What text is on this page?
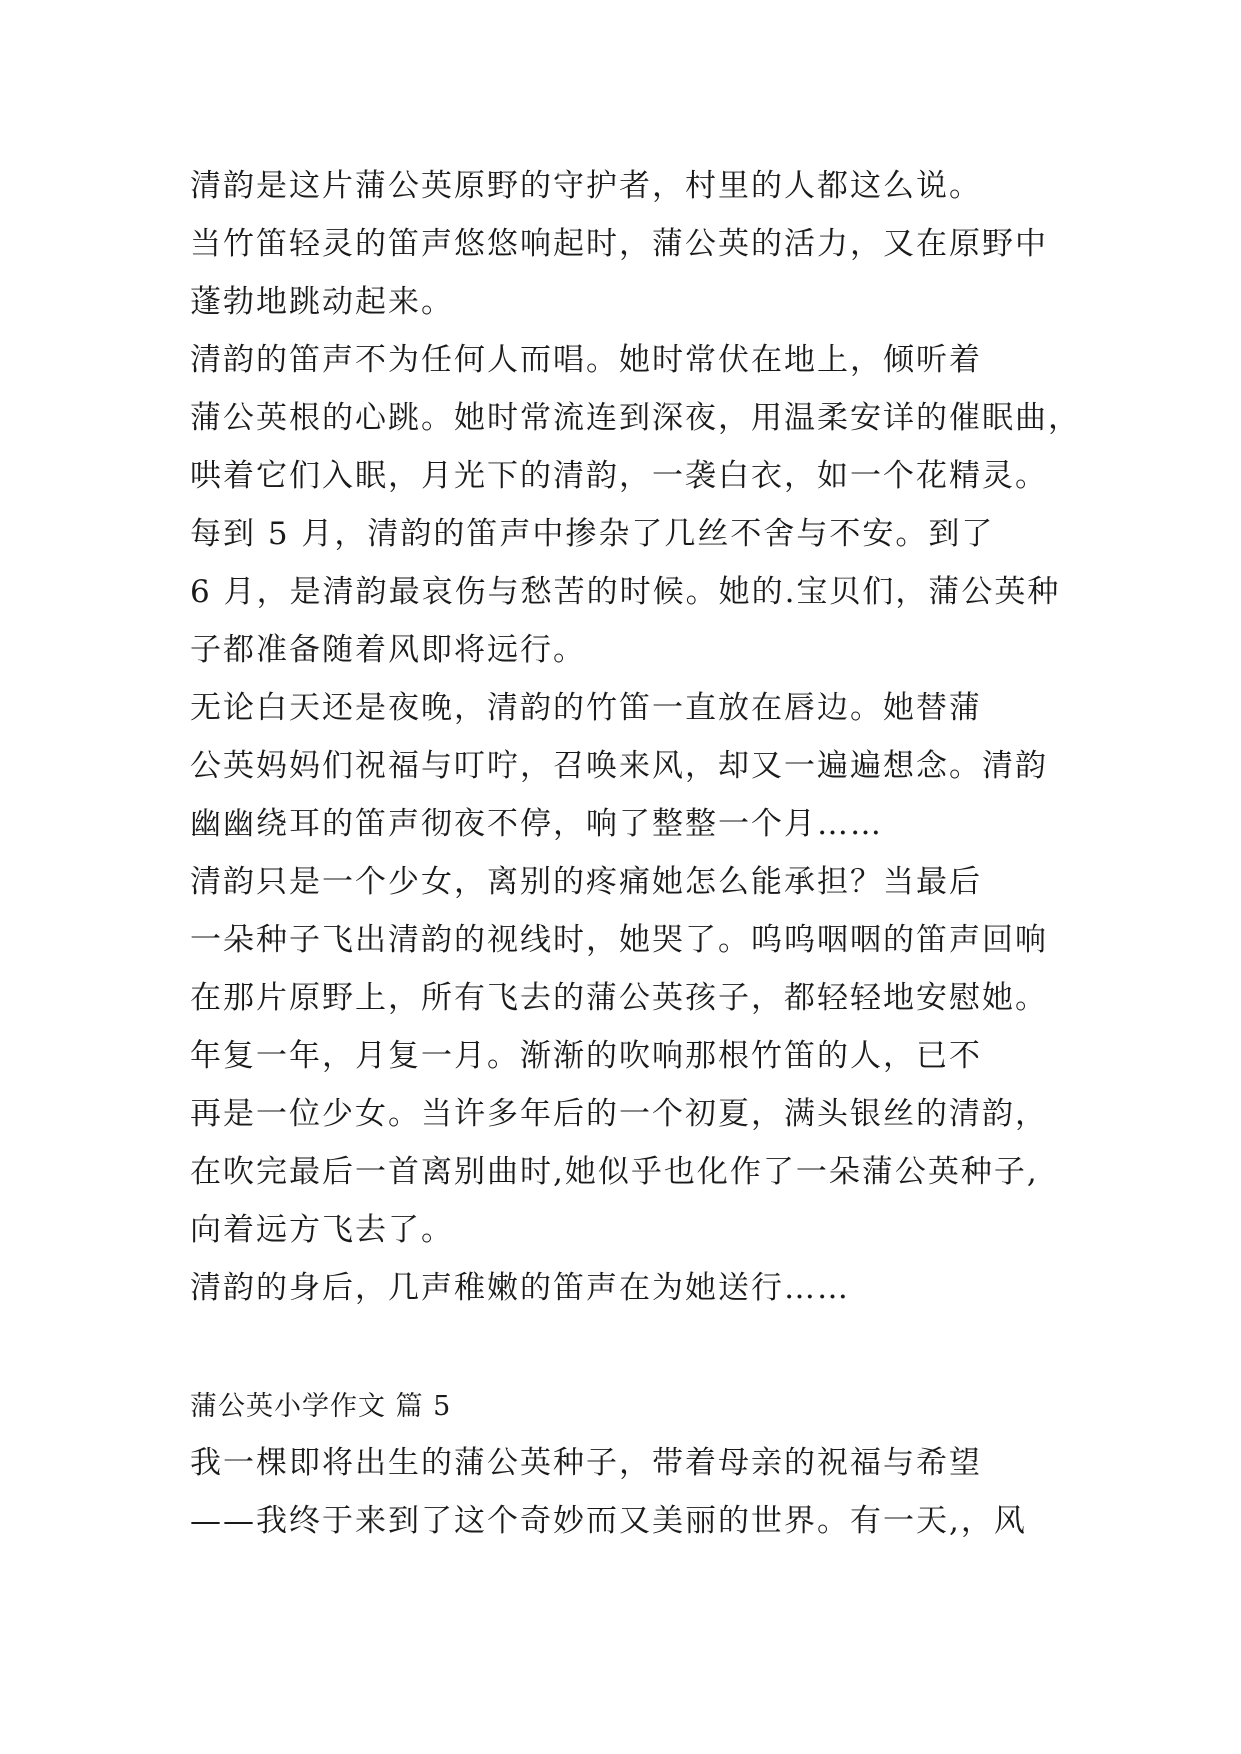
清韵是这片蒲公英原野的守护者，村里的人都这么说。
当竹笛轻灵的笛声悠悠响起时，蒲公英的活力，又在原野中
蓬勃地跳动起来。
清韵的笛声不为任何人而唱。她时常伏在地上，倾听着
蒲公英根的心跳。她时常流连到深夜，用温柔安详的催眠曲，
哄着它们入眠，月光下的清韵，一袭白衣，如一个花精灵。
每到 5 月，清韵的笛声中掺杂了几丝不舍与不安。到了
6 月，是清韵最哀伤与愁苦的时候。她的.宝贝们，蒲公英种
子都准备随着风即将远行。
无论白天还是夜晚，清韵的竹笛一直放在唇边。她替蒲
公英妈妈们祝福与叮咛，召唤来风，却又一遍遍想念。清韵
幽幽绕耳的笛声彻夜不停，响了整整一个月……
清韵只是一个少女，离别的疼痛她怎么能承担？当最后
一朵种子飞出清韵的视线时，她哭了。呜呜咽咽的笛声回响
在那片原野上，所有飞去的蒲公英孩子，都轻轻地安慰她。
年复一年，月复一月。渐渐的吹响那根竹笛的人，已不
再是一位少女。当许多年后的一个初夏，满头银丝的清韵，
在吹完最后一首离别曲时,她似乎也化作了一朵蒲公英种子,
向着远方飞去了。
清韵的身后，几声稚嫩的笛声在为她送行……
蒲公英小学作文 篇 5
我一棵即将出生的蒲公英种子，带着母亲的祝福与希望
——我终于来到了这个奇妙而又美丽的世界。有一天,，风
